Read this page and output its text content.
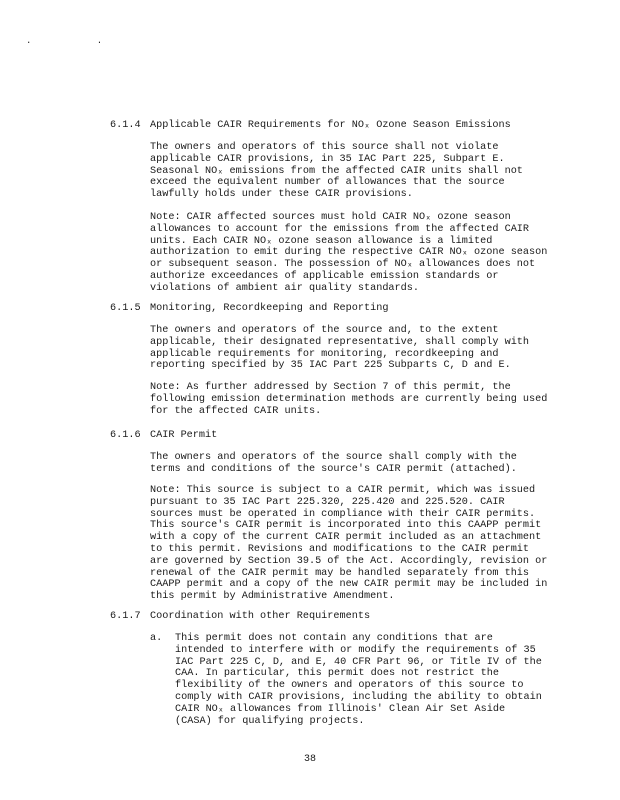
. .
6.1.4 Applicable CAIR Requirements for NOₓ Ozone Season Emissions

The owners and operators of this source shall not violate applicable CAIR provisions, in 35 IAC Part 225, Subpart E. Seasonal NOₓ emissions from the affected CAIR units shall not exceed the equivalent number of allowances that the source lawfully holds under these CAIR provisions.

Note: CAIR affected sources must hold CAIR NOₓ ozone season allowances to account for the emissions from the affected CAIR units. Each CAIR NOₓ ozone season allowance is a limited authorization to emit during the respective CAIR NOₓ ozone season or subsequent season. The possession of NOₓ allowances does not authorize exceedances of applicable emission standards or violations of ambient air quality standards.

6.1.5 Monitoring, Recordkeeping and Reporting

The owners and operators of the source and, to the extent applicable, their designated representative, shall comply with applicable requirements for monitoring, recordkeeping and reporting specified by 35 IAC Part 225 Subparts C, D and E.

Note: As further addressed by Section 7 of this permit, the following emission determination methods are currently being used for the affected CAIR units.

6.1.6 CAIR Permit

The owners and operators of the source shall comply with the terms and conditions of the source's CAIR permit (attached).

Note: This source is subject to a CAIR permit, which was issued pursuant to 35 IAC Part 225.320, 225.420 and 225.520. CAIR sources must be operated in compliance with their CAIR permits. This source's CAIR permit is incorporated into this CAAPP permit with a copy of the current CAIR permit included as an attachment to this permit. Revisions and modifications to the CAIR permit are governed by Section 39.5 of the Act. Accordingly, revision or renewal of the CAIR permit may be handled separately from this CAAPP permit and a copy of the new CAIR permit may be included in this permit by Administrative Amendment.

6.1.7 Coordination with other Requirements
a. This permit does not contain any conditions that are intended to interfere with or modify the requirements of 35 IAC Part 225 C, D, and E, 40 CFR Part 96, or Title IV of the CAA. In particular, this permit does not restrict the flexibility of the owners and operators of this source to comply with CAIR provisions, including the ability to obtain CAIR NOₓ allowances from Illinois' Clean Air Set Aside (CASA) for qualifying projects.

38
